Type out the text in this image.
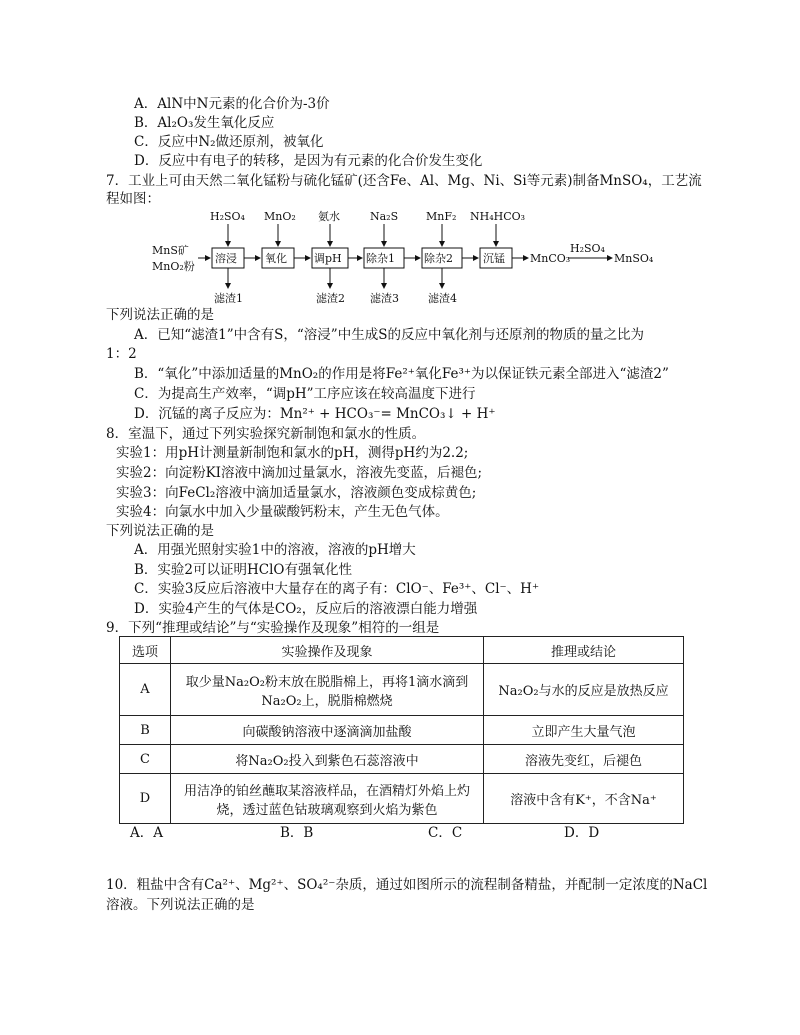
A．AlN中N元素的化合价为-3价
B．Al₂O₃发生氧化反应
C．反应中N₂做还原剂，被氧化
D．反应中有电子的转移，是因为有元素的化合价发生变化
7．工业上可由天然二氧化锰粉与硫化锰矿(还含Fe、Al、Mg、Ni、Si等元素)制备MnSO₄，工艺流
程如图：
MnS矿
MnO₂粉
溶浸	氧化 调pH 除杂1	除杂2	沉锰 MnCO₃
H₂SO₄
MnSO₄
H₂SO₄ MnO₂ 氨水	Na₂S	MnF₂ NH₄HCO₃
滤渣1	滤渣2 滤渣3	滤渣4
下列说法正确的是
A．已知“滤渣1”中含有S，“溶浸”中生成S的反应中氧化剂与还原剂的物质的量之比为
1：2
B．“氧化”中添加适量的MnO₂的作用是将Fe²⁺氧化Fe³⁺为以保证铁元素全部进入“滤渣2”
C．为提高生产效率，“调pH”工序应该在较高温度下进行
D．沉锰的离子反应为：Mn²⁺ + HCO₃⁻= MnCO₃↓ + H⁺
8．室温下，通过下列实验探究新制饱和氯水的性质。
实验1：用pH计测量新制饱和氯水的pH，测得pH约为2.2;
实验2：向淀粉KI溶液中滴加过量氯水，溶液先变蓝，后褪色;
实验3：向FeCl₂溶液中滴加适量氯水，溶液颜色变成棕黄色;
实验4：向氯水中加入少量碳酸钙粉末，产生无色气体。
下列说法正确的是
A．用强光照射实验1中的溶液，溶液的pH增大
B．实验2可以证明HClO有强氧化性
C．实验3反应后溶液中大量存在的离子有：ClO⁻、Fe³⁺、Cl⁻、H⁺
D．实验4产生的气体是CO₂，反应后的溶液漂白能力增强
9．下列“推理或结论”与“实验操作及现象”相符的一组是
选项	实验操作及现象	推理或结论
A	取少量Na₂O₂粉末放在脱脂棉上，再将1滴水滴到
Na₂O₂上，脱脂棉燃烧	Na₂O₂与水的反应是放热反应
B	向碳酸钠溶液中逐滴滴加盐酸	立即产生大量气泡
C	将Na₂O₂投入到紫色石蕊溶液中	溶液先变红，后褪色
D	用洁净的铂丝蘸取某溶液样品，在酒精灯外焰上灼
烧，透过蓝色钴玻璃观察到火焰为紫色	溶液中含有K⁺，不含Na⁺
A．A	B．B	C．C	D．D
10．粗盐中含有Ca²⁺、Mg²⁺、SO₄²⁻杂质，通过如图所示的流程制备精盐，并配制一定浓度的NaCl
溶液。下列说法正确的是
